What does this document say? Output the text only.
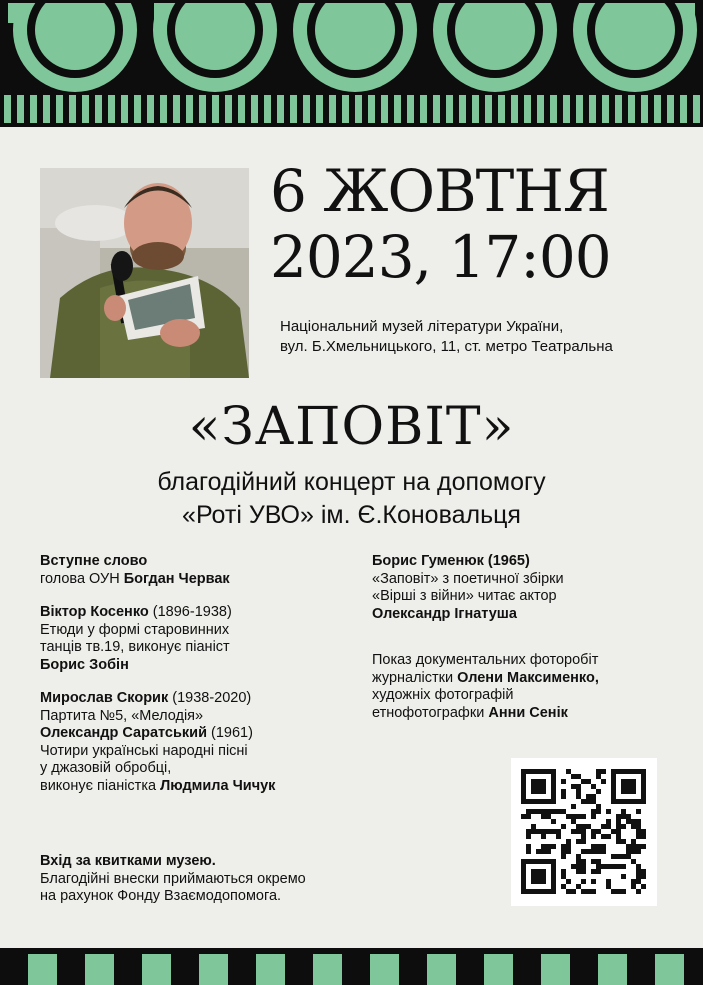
6 ЖОВТНЯ
2023, 17:00
Національний музей літератури України,
вул. Б.Хмельницького, 11, ст. метро Театральна
«ЗАПОВІТ»
благодійний концерт на допомогу
«Роті УВО» ім. Є.Коновальця
Вступне слово
голова ОУН Богдан Червак
Віктор Косенко (1896-1938)
Етюди у формі старовинних
танців тв.19, виконує піаніст
Борис Зобін
Мирослав Скорик (1938-2020)
Партита №5, «Мелодія»
Олександр Саратський (1961)
Чотири українські народні пісні
у джазовій обробці,
виконує піаністка Людмила Чичук
Борис Гуменюк (1965)
«Заповіт» з поетичної збірки
«Вірші з війни» читає актор
Олександр Ігнатуша
Показ документальних фоторобіт
журналістки Олени Максименко,
художніх фотографій
етнофотографки Анни Сенік
Вхід за квитками музею.
Благодійні внески приймаються окремо
на рахунок Фонду Взаємодопомога.
